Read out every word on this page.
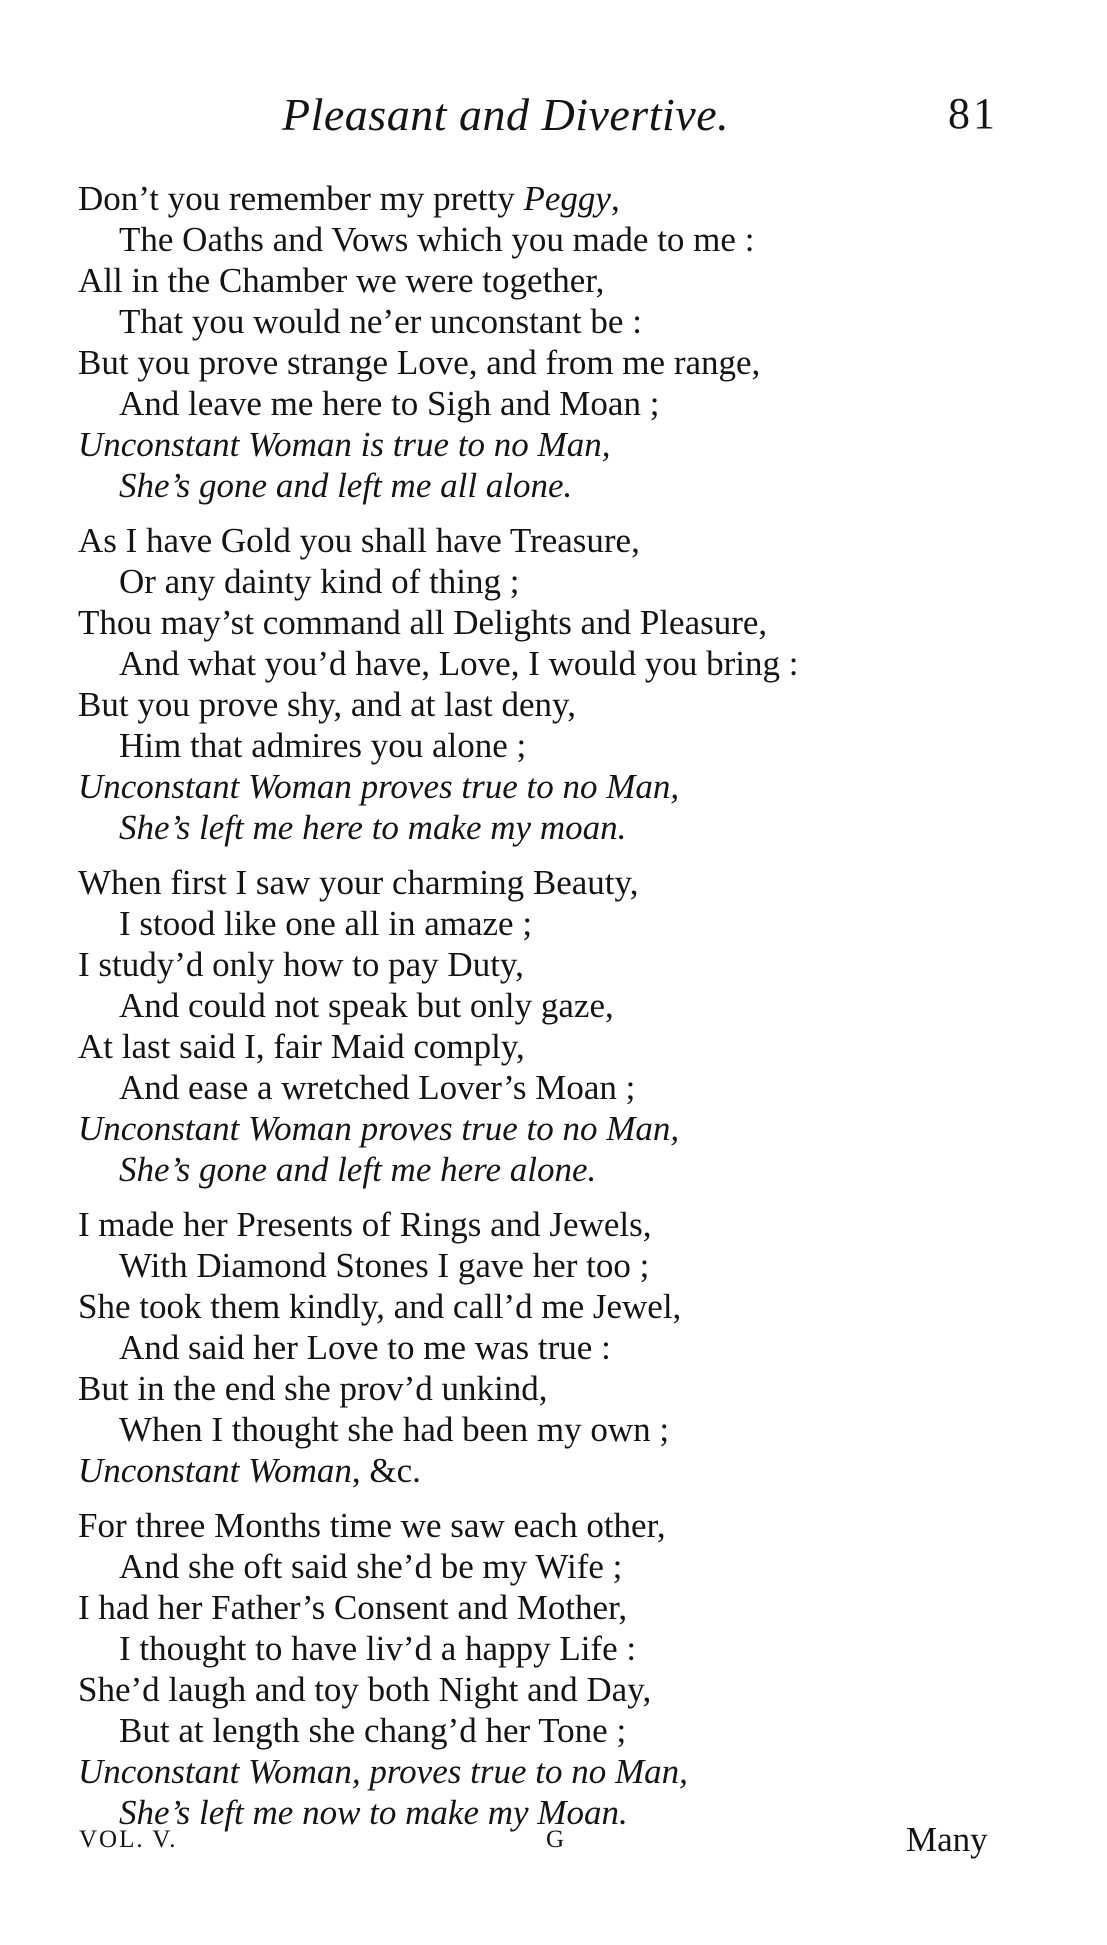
Pleasant and Divertive.	81
Don’t you remember my pretty Peggy,
The Oaths and Vows which you made to me :
All in the Chamber we were together,
That you would ne’er unconstant be :
But you prove strange Love, and from me range,
And leave me here to Sigh and Moan ;
Unconstant Woman is true to no Man,
She’s gone and left me all alone.
As I have Gold you shall have Treasure,
Or any dainty kind of thing ;
Thou may’st command all Delights and Pleasure,
And what you’d have, Love, I would you bring :
But you prove shy, and at last deny,
Him that admires you alone ;
Unconstant Woman proves true to no Man,
She’s left me here to make my moan.
When first I saw your charming Beauty,
I stood like one all in amaze ;
I study’d only how to pay Duty,
And could not speak but only gaze,
At last said I, fair Maid comply,
And ease a wretched Lover’s Moan ;
Unconstant Woman proves true to no Man,
She’s gone and left me here alone.
I made her Presents of Rings and Jewels,
With Diamond Stones I gave her too ;
She took them kindly, and call’d me Jewel,
And said her Love to me was true :
But in the end she prov’d unkind,
When I thought she had been my own ;
Unconstant Woman, &c.
For three Months time we saw each other,
And she oft said she’d be my Wife ;
I had her Father’s Consent and Mother,
I thought to have liv’d a happy Life :
She’d laugh and toy both Night and Day,
But at length she chang’d her Tone ;
Unconstant Woman, proves true to no Man,
She’s left me now to make my Moan.
VOL. V.	G	Many
